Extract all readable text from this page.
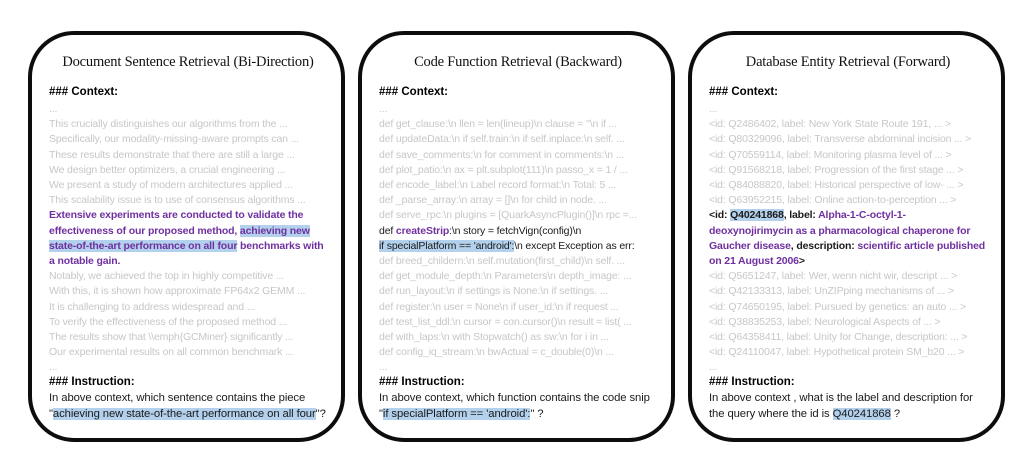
Document Sentence Retrieval (Bi-Direction)
### Context:
...
This crucially distinguishes our algorithms from the ...
Specifically, our modality-missing-aware prompts can ...
These results demonstrate that there are still a large ...
We design better optimizers, a crucial engineering ...
We present a study of modern architectures applied ...
This scalability issue is to use of consensus algorithms ...
Extensive experiments are conducted to validate the effectiveness of our proposed method, achieving new state-of-the-art performance on all four benchmarks with a notable gain.
Notably, we achieved the top in highly competitive ...
With this, it is shown how approximate FP64x2 GEMM ...
It is challenging to address widespread and ...
To verify the effectiveness of the proposed method ...
The results show that \\emph{GCMiner} significantly ...
Our experimental results on all common benchmark ...
...
### Instruction:
In above context, which sentence contains the piece "achieving new state-of-the-art performance on all four"?
Code Function Retrieval (Backward)
### Context:
...
def get_clause:\n llen = len(lineup)\n clause = ''\n if ...
def updateData:\n if self.train:\n if self.inplace:\n self. ...
def save_comments:\n for comment in comments:\n ...
def plot_patio:\n ax = plt.subplot(111)\n passo_x = 1 / ...
def encode_label:\n Label record format:\n Total: 5 ...
def _parse_array:\n array = []\n for child in node. ...
def serve_rpc:\n plugins = [QuarkAsyncPlugin()]\n rpc =...
def createStrip:\n story = fetchVign(config)\n
if specialPlatform == 'android':\n except Exception as err:
def breed_childern:\n self.mutation(first_child)\n self. ...
def get_module_depth:\n Parameters\n depth_image: ...
def run_layout:\n if settings is None:\n if settings. ...
def register:\n user = None\n if user_id:\n if request ...
def test_list_ddl:\n cursor = con.cursor()\n result = list( ...
def with_laps:\n with Stopwatch() as sw:\n for i in ...
def config_iq_stream:\n bwActual = c_double(0)\n ...
...
### Instruction:
In above context, which function contains the code snip "if specialPlatform == 'android':" ?
Database Entity Retrieval (Forward)
### Context:
...
<id: Q2486402, label: New York State Route 191, ... >
<id: Q80329096, label: Transverse abdominal incision ... >
<id: Q70559114, label: Monitoring plasma level of ... >
<id: Q91568218, label: Progression of the first stage ... >
<id: Q84088820, label: Historical perspective of low- ... >
<id: Q63952215, label: Online action-to-perception ... >
<id: Q40241868, label: Alpha-1-C-octyl-1-deoxynojirimycin as a pharmacological chaperone for Gaucher disease, description: scientific article published on 21 August 2006>
<id: Q5651247, label: Wer, wenn nicht wir, descript ... >
<id: Q42133313, label: UnZIPping mechanisms of ... >
<id: Q74650195, label: Pursued by genetics: an auto ... >
<id: Q38835253, label: Neurological Aspects of ... >
<id: Q64358411, label: Unity for Change, description: ... >
<id: Q24110047, label: Hypothetical protein SM_b20 ... >
...
### Instruction:
In above context , what is the label and description for the query where the id is Q40241868 ?
